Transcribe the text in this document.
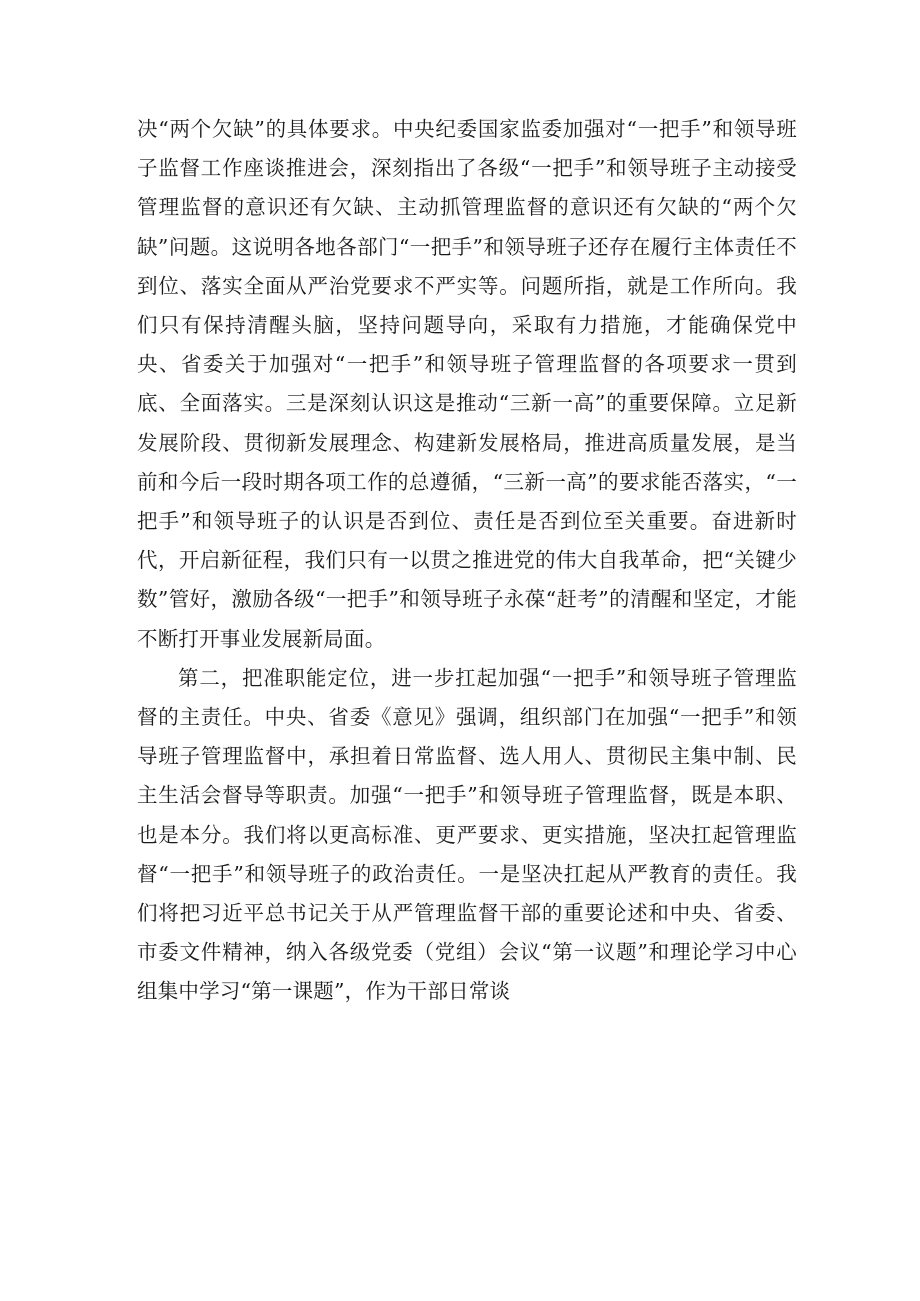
决“两个欠缺”的具体要求。中央纪委国家监委加强对“一把手”和领导班子监督工作座谈推进会，深刻指出了各级“一把手”和领导班子主动接受管理监督的意识还有欠缺、主动抓管理监督的意识还有欠缺的“两个欠缺”问题。这说明各地各部门“一把手”和领导班子还存在履行主体责任不到位、落实全面从严治党要求不严实等。问题所指，就是工作所向。我们只有保持清醒头脑，坚持问题导向，采取有力措施，才能确保党中央、省委关于加强对“一把手”和领导班子管理监督的各项要求一贯到底、全面落实。三是深刻认识这是推动“三新一高”的重要保障。立足新发展阶段、贯彻新发展理念、构建新发展格局，推进高质量发展，是当前和今后一段时期各项工作的总遵循，“三新一高”的要求能否落实，“一把手”和领导班子的认识是否到位、责任是否到位至关重要。奋进新时代，开启新征程，我们只有一以贯之推进党的伟大自我革命，把“关键少数”管好，激励各级“一把手”和领导班子永葆“赶考”的清醒和坚定，才能不断打开事业发展新局面。

第二，把准职能定位，进一步扛起加强“一把手”和领导班子管理监督的主责任。中央、省委《意见》强调，组织部门在加强“一把手”和领导班子管理监督中，承担着日常监督、选人用人、贯彻民主集中制、民主生活会督导等职责。加强“一把手”和领导班子管理监督，既是本职、也是本分。我们将以更高标准、更严要求、更实措施，坚决扛起管理监督“一把手”和领导班子的政治责任。一是坚决扛起从严教育的责任。我们将把习近平总书记关于从严管理监督干部的重要论述和中央、省委、市委文件精神，纳入各级党委（党组）会议“第一议题”和理论学习中心组集中学习“第一课题”，作为干部日常谈
